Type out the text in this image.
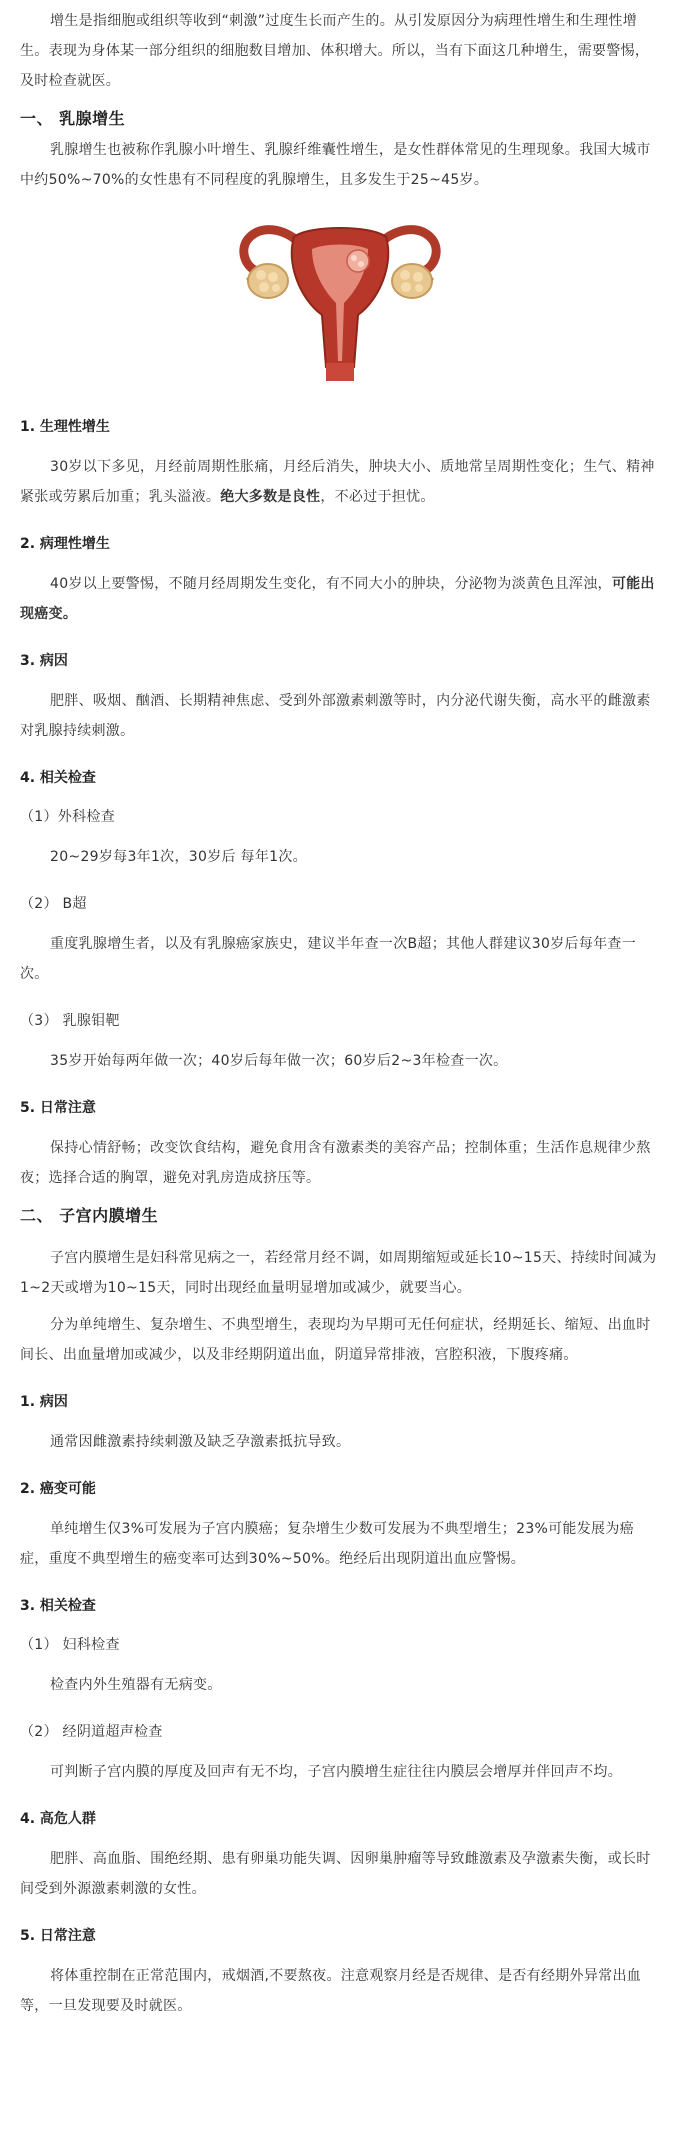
增生是指细胞或组织等收到“刺激”过度生长而产生的。从引发原因分为病理性增生和生理性增生。表现为身体某一部分组织的细胞数目增加、体积增大。所以，当有下面这几种增生，需要警惕，及时检查就医。

一、 乳腺增生

乳腺增生也被称作乳腺小叶增生、乳腺纤维囊性增生，是女性群体常见的生理现象。我国大城市中约50%~70%的女性患有不同程度的乳腺增生，且多发生于25~45岁。

1. 生理性增生

30岁以下多见，月经前周期性胀痛，月经后消失，肿块大小、质地常呈周期性变化；生气、精神紧张或劳累后加重；乳头溢液。绝大多数是良性，不必过于担忧。

2. 病理性增生

40岁以上要警惕，不随月经周期发生变化，有不同大小的肿块，分泌物为淡黄色且浑浊，可能出现癌变。

3. 病因

肥胖、吸烟、酗酒、长期精神焦虑、受到外部激素刺激等时，内分泌代谢失衡，高水平的雌激素对乳腺持续刺激。

4. 相关检查

（1）外科检查

20~29岁每3年1次，30岁后 每年1次。

（2） B超

重度乳腺增生者，以及有乳腺癌家族史，建议半年查一次B超；其他人群建议30岁后每年查一次。

（3） 乳腺钼靶

35岁开始每两年做一次；40岁后每年做一次；60岁后2~3年检查一次。

5. 日常注意

保持心情舒畅；改变饮食结构，避免食用含有激素类的美容产品；控制体重；生活作息规律少熬夜；选择合适的胸罩，避免对乳房造成挤压等。

二、 子宫内膜增生

子宫内膜增生是妇科常见病之一，若经常月经不调，如周期缩短或延长10~15天、持续时间减为1~2天或增为10~15天，同时出现经血量明显增加或减少，就要当心。

分为单纯增生、复杂增生、不典型增生，表现均为早期可无任何症状，经期延长、缩短、出血时间长、出血量增加或减少，以及非经期阴道出血，阴道异常排液，宫腔积液，下腹疼痛。

1. 病因

通常因雌激素持续刺激及缺乏孕激素抵抗导致。

2. 癌变可能

单纯增生仅3%可发展为子宫内膜癌；复杂增生少数可发展为不典型增生；23%可能发展为癌症，重度不典型增生的癌变率可达到30%~50%。绝经后出现阴道出血应警惕。

3. 相关检查

（1） 妇科检查

检查内外生殖器有无病变。

（2） 经阴道超声检查

可判断子宫内膜的厚度及回声有无不均，子宫内膜增生症往往内膜层会增厚并伴回声不均。

4. 高危人群

肥胖、高血脂、围绝经期、患有卵巢功能失调、因卵巢肿瘤等导致雌激素及孕激素失衡，或长时间受到外源激素刺激的女性。

5. 日常注意

将体重控制在正常范围内，戒烟酒,不要熬夜。注意观察月经是否规律、是否有经期外异常出血等，一旦发现要及时就医。
